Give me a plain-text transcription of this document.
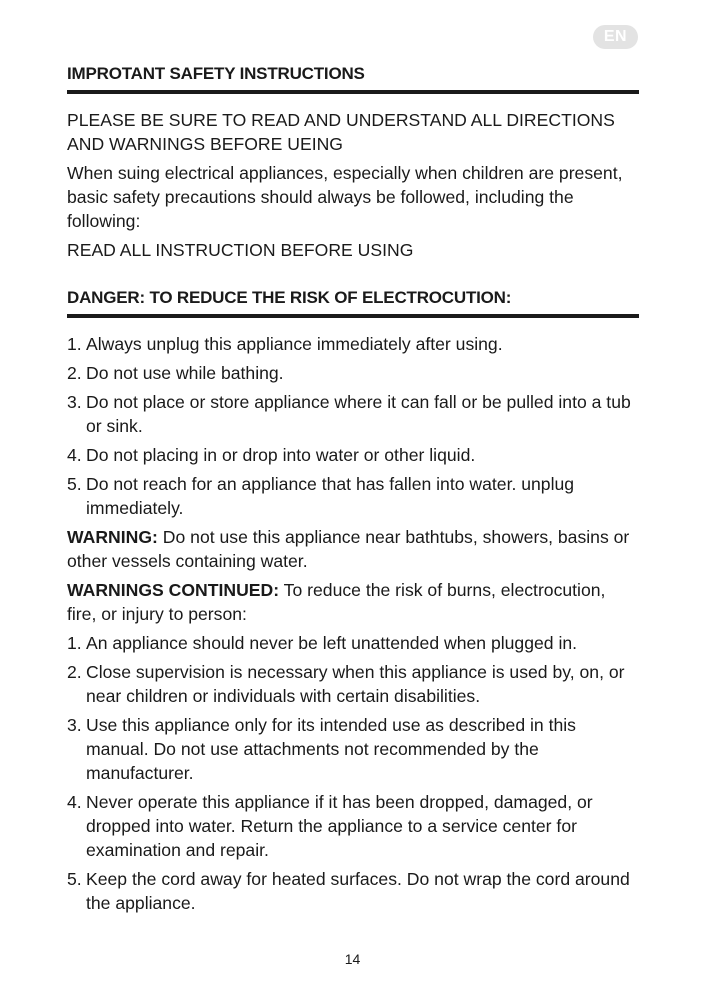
EN
IMPROTANT SAFETY INSTRUCTIONS

PLEASE BE SURE TO READ AND UNDERSTAND ALL DIRECTIONS AND WARNINGS BEFORE UEING

When suing electrical appliances, especially when children are present, basic safety precautions should always be followed, including the following:

READ ALL INSTRUCTION BEFORE USING

DANGER: TO REDUCE THE RISK OF ELECTROCUTION:
1. Always unplug this appliance immediately after using.
2. Do not use while bathing.
3. Do not place or store appliance where it can fall or be pulled into a tub or sink.
4. Do not placing in or drop into water or other liquid.
5. Do not reach for an appliance that has fallen into water. unplug immediately.

WARNING: Do not use this appliance near bathtubs, showers, basins or other vessels containing water.

WARNINGS CONTINUED: To reduce the risk of burns, electrocution, fire, or injury to person:

1. An appliance should never be left unattended when plugged in.
2. Close supervision is necessary when this appliance is used by, on, or near children or individuals with certain disabilities.
3. Use this appliance only for its intended use as described in this manual. Do not use attachments not recommended by the manufacturer.
4. Never operate this appliance if it has been dropped, damaged, or dropped into water. Return the appliance to a service center for examination and repair.
5. Keep the cord away for heated surfaces. Do not wrap the cord around the appliance.
14
